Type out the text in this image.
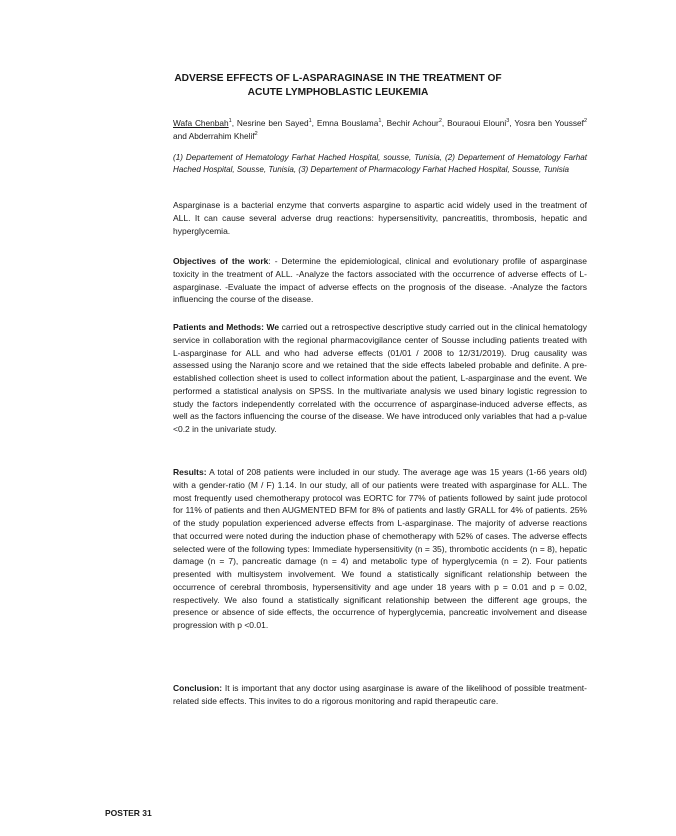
ADVERSE EFFECTS OF L-ASPARAGINASE IN THE TREATMENT OF ACUTE LYMPHOBLASTIC LEUKEMIA
Wafa Chenbah$^1$, Nesrine ben Sayed$^1$, Emna Bouslama$^1$, Bechir Achour$^2$, Bouraoui Elouni$^3$, Yosra ben Youssef$^2$ and Abderrahim Khelif$^2$
(1) Departement of Hematology Farhat Hached Hospital, sousse, Tunisia, (2) Departement of Hematology Farhat Hached Hospital, Sousse, Tunisia, (3) Departement of Pharmacology Farhat Hached Hospital, Sousse, Tunisia
Asparginase is a bacterial enzyme that converts aspargine to aspartic acid widely used in the treatment of ALL. It can cause several adverse drug reactions: hypersensitivity, pancreatitis, thrombosis, hepatic and hyperglycemia.
Objectives of the work: - Determine the epidemiological, clinical and evolutionary profile of asparginase toxicity in the treatment of ALL. -Analyze the factors associated with the occurrence of adverse effects of L-asparginase. -Evaluate the impact of adverse effects on the prognosis of the disease. -Analyze the factors influencing the course of the disease.
Patients and Methods: We carried out a retrospective descriptive study carried out in the clinical hematology service in collaboration with the regional pharmacovigilance center of Sousse including patients treated with L-asparginase for ALL and who had adverse effects (01/01 / 2008 to 12/31/2019). Drug causality was assessed using the Naranjo score and we retained that the side effects labeled probable and definite. A pre-established collection sheet is used to collect information about the patient, L-asparginase and the event. We performed a statistical analysis on SPSS. In the multivariate analysis we used binary logistic regression to study the factors independently correlated with the occurrence of asparginase-induced adverse effects, as well as the factors influencing the course of the disease. We have introduced only variables that had a p-value <0.2 in the univariate study.
Results: A total of 208 patients were included in our study. The average age was 15 years (1-66 years old) with a gender-ratio (M / F) 1.14. In our study, all of our patients were treated with asparginase for ALL. The most frequently used chemotherapy protocol was EORTC for 77% of patients followed by saint jude protocol for 11% of patients and then AUGMENTED BFM for 8% of patients and lastly GRALL for 4% of patients. 25% of the study population experienced adverse effects from L-asparginase. The majority of adverse reactions that occurred were noted during the induction phase of chemotherapy with 52% of cases. The adverse effects selected were of the following types: Immediate hypersensitivity (n = 35), thrombotic accidents (n = 8), hepatic damage (n = 7), pancreatic damage (n = 4) and metabolic type of hyperglycemia (n = 2). Four patients presented with multisystem involvement. We found a statistically significant relationship between the occurrence of cerebral thrombosis, hypersensitivity and age under 18 years with p = 0.01 and p = 0.02, respectively. We also found a statistically significant relationship between the different age groups, the presence or absence of side effects, the occurrence of hyperglycemia, pancreatic involvement and disease progression with p <0.01.
Conclusion: It is important that any doctor using asarginase is aware of the likelihood of possible treatment-related side effects. This invites to do a rigorous monitoring and rapid therapeutic care.
POSTER 31
